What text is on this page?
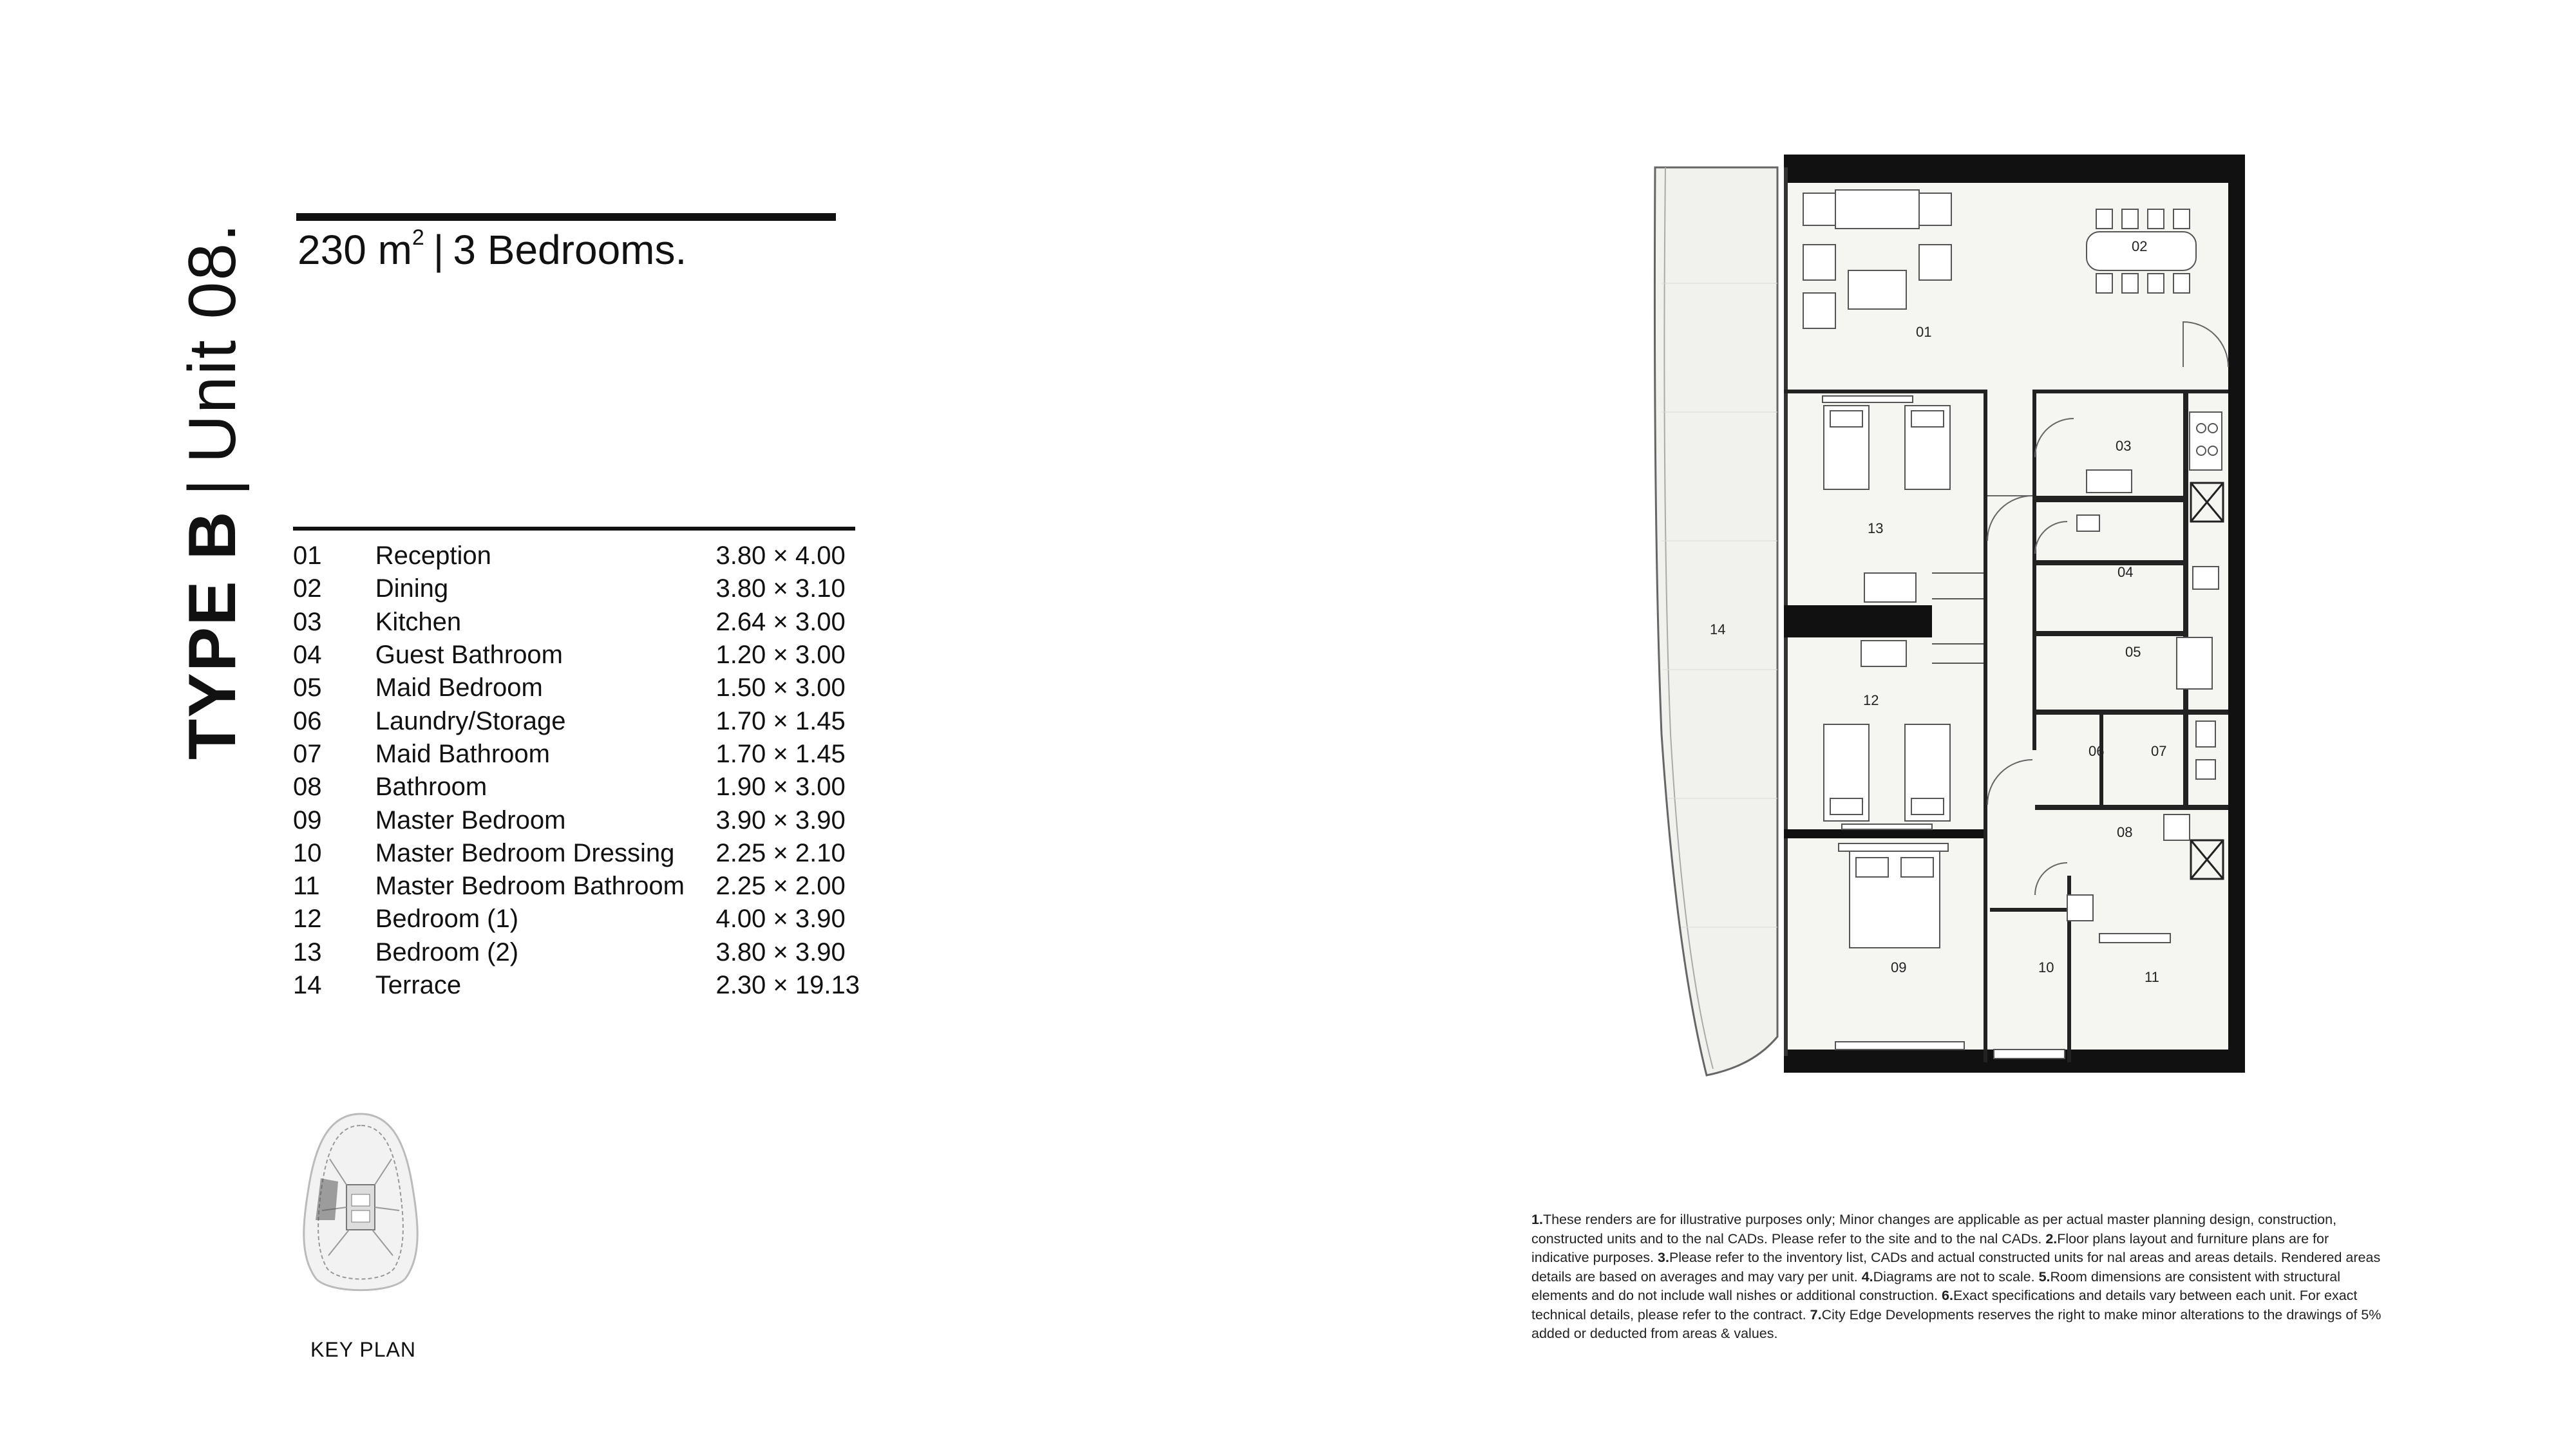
TYPE B
|
Unit 08. 230 $m^2$ | 3 Bedrooms.
01	Reception	3.80 × 4.00
02	Dining	3.80 × 3.10
03	Kitchen	2.64 × 3.00
04	Guest Bathroom	1.20 × 3.00
05	Maid Bedroom	1.50 × 3.00
06	Laundry/Storage	1.70 × 1.45
07	Maid Bathroom	1.70 × 1.45
08	Bathroom	1.90 × 3.00
09	Master Bedroom	3.90 × 3.90
10	Master Bedroom Dressing	2.25 × 2.10
11	Master Bedroom Bathroom	2.25 × 2.00
12	Bedroom (1)	4.00 × 3.90
13	Bedroom (2)	3.80 × 3.90
14	Terrace	2.30 × 19.13
KEY PLAN
1.These renders are for illustrative purposes only; Minor changes are applicable as per actual master planning design, construction, constructed units and to the nal CADs. Please refer to the site and to the nal CADs. 2.Floor plans layout and furniture plans are for indicative purposes. 3.Please refer to the inventory list, CADs and actual constructed units for nal areas and areas details. Rendered areas details are based on averages and may vary per unit. 4.Diagrams are not to scale. 5.Room dimensions are consistent with structural elements and do not include wall nishes or additional construction. 6.Exact specifications and details vary between each unit. For exact technical details, please refer to the contract. 7.City Edge Developments reserves the right to make minor alterations to the drawings of 5% added or deducted from areas & values.
01
02
03
04
05
06	07
08
09	10
11
12
13
14
